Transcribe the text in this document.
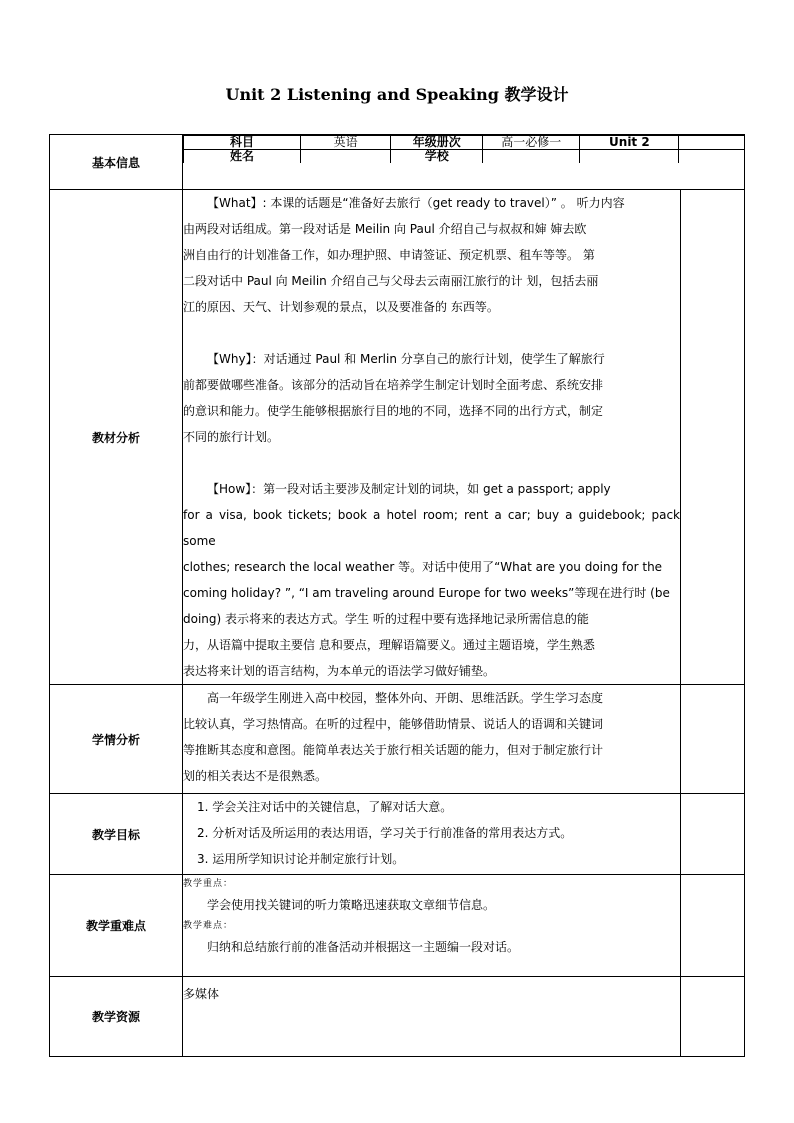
Unit 2 Listening and Speaking 教学设计
基本信息	
科目	英语	年级册次	高一必修一	Unit 2	
姓名		学校			

教材分析	

【What】: 本课的话题是“准备好去旅行（get ready to travel）” 。 听力内容

由两段对话组成。第一段对话是 Meilin 向 Paul 介绍自己与叔叔和婶 婶去欧

洲自由行的计划准备工作，如办理护照、申请签证、预定机票、租车等等。 第

二段对话中 Paul 向 Meilin 介绍自己与父母去云南丽江旅行的计 划，包括去丽

江的原因、天气、计划参观的景点，以及要准备的 东西等。

【Why】：对话通过 Paul 和 Merlin 分享自己的旅行计划，使学生了解旅行

前都要做哪些准备。该部分的活动旨在培养学生制定计划时全面考虑、系统安排

的意识和能力。使学生能够根据旅行目的地的不同，选择不同的出行方式，制定

不同的旅行计划。

【How】：第一段对话主要涉及制定计划的词块，如 get a passport; apply

for a visa, book tickets; book a hotel room; rent a car; buy a guidebook; pack some

clothes; research the local weather 等。对话中使用了“What are you doing for the

coming holiday? ”, “I am traveling around Europe for two weeks”等现在进行时 (be

doing) 表示将来的表达方式。学生 听的过程中要有选择地记录所需信息的能

力，从语篇中提取主要信 息和要点，理解语篇要义。通过主题语境，学生熟悉

表达将来计划的语言结构，为本单元的语法学习做好铺垫。

学情分析	

高一年级学生刚进入高中校园，整体外向、开朗、思维活跃。学生学习态度

比较认真，学习热情高。在听的过程中，能够借助情景、说话人的语调和关键词

等推断其态度和意图。能简单表达关于旅行相关话题的能力，但对于制定旅行计

划的相关表达不是很熟悉。

教学目标	

1. 学会关注对话中的关键信息，了解对话大意。

2. 分析对话及所运用的表达用语，学习关于行前准备的常用表达方式。

3. 运用所学知识讨论并制定旅行计划。

教学重难点	

教学重点：

学会使用找关键词的听力策略迅速获取文章细节信息。

教学难点：

归纳和总结旅行前的准备活动并根据这一主题编一段对话。

教学资源	

多媒体
